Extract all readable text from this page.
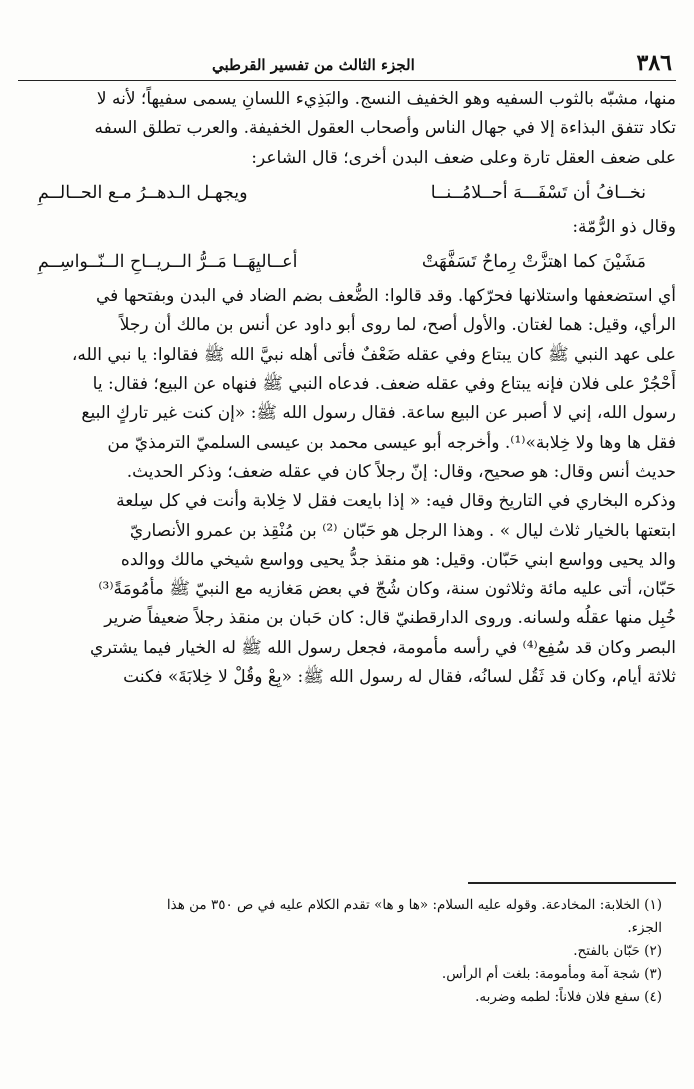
٣٨٦
الجزء الثالث من تفسير القرطبي
منها، مشبّه بالثوب السفيه وهو الخفيف النسج. والبَذِيء اللسانِ يسمى سفيهاً؛ لأنه لا
تكاد تتفق البذاءة إلا في جهال الناس وأصحاب العقول الخفيفة. والعرب تطلق السفه
على ضعف العقل تارة وعلى ضعف البدن أخرى؛ قال الشاعر:
نخــافُ أن تَسْفَـــهَ أحــلامُــنــا
ويجهـل الـدهــرُ مـع الحــالــمِ
وقال ذو الرُّمّة:
مَشَيْنَ كما اهتزَّتْ رِماحٌ تَسَفَّهَتْ
أعــاليِهَــا مَــرُّ الــريــاحِ الــنّــواسِــمِ
أي استضعفها واستلانها فحرّكها. وقد قالوا: الضُّعف بضم الضاد في البدن وبفتحها في
الرأي، وقيل: هما لغتان. والأول أصح، لما روى أبو داود عن أنس بن مالك أن رجلاً
على عهد النبي ﷺ كان يبتاع وفي عقله ضَعْفٌ فأتى أهله نبيَّ الله ﷺ فقالوا: يا نبي الله،
أَحْجُرْ على فلان فإنه يبتاع وفي عقله ضعف. فدعاه النبي ﷺ فنهاه عن البيع؛ فقال: يا
رسول الله، إني لا أصبر عن البيع ساعة. فقال رسول الله ﷺ: «إن كنت غير تاركٍ البيع
فقل ها وها ولا خِلابة»⁽¹⁾. وأخرجه أبو عيسى محمد بن عيسى السلميّ الترمذيّ من
حديث أنس وقال: هو صحيح، وقال: إنّ رجلاً كان في عقله ضعف؛ وذكر الحديث.
وذكره البخاري في التاريخ وقال فيه: « إذا بايعت فقل لا خِلابة وأنت في كل سِلعة
ابتعتها بالخيار ثلاث ليال » . وهذا الرجل هو حَبّان ⁽²⁾ بن مُنْقِذ بن عمرو الأنصاريّ
والد يحيى وواسع ابني حَبّان. وقيل: هو منقذ جدُّ يحيى وواسع شيخي مالك ووالده
حَبّان، أتى عليه مائة وثلاثون سنة، وكان شُجّ في بعض مَغازيه مع النبيّ ﷺ مأمُومَةً⁽³⁾
خُبِل منها عقلُه ولسانه. وروى الدارقطنيّ قال: كان حَبان بن منقذ رجلاً ضعيفاً ضرير
البصر وكان قد سُفِع⁽⁴⁾ في رأسه مأمومة، فجعل رسول الله ﷺ له الخيار فيما يشتري
ثلاثة أيام، وكان قد ثَقُل لسانُه، فقال له رسول الله ﷺ: «بِعْ وقُلْ لا خِلابَةَ» فكنت
(١) الخلابة: المخادعة. وقوله عليه السلام: «ها و ها» تقدم الكلام عليه في ص ٣٥٠ من هذا
الجزء.
(٢) حَبّان بالفتح.
(٣) شجة آمة ومأمومة: بلغت أم الرأس.
(٤) سفع فلان فلاناً: لطمه وضربه.
